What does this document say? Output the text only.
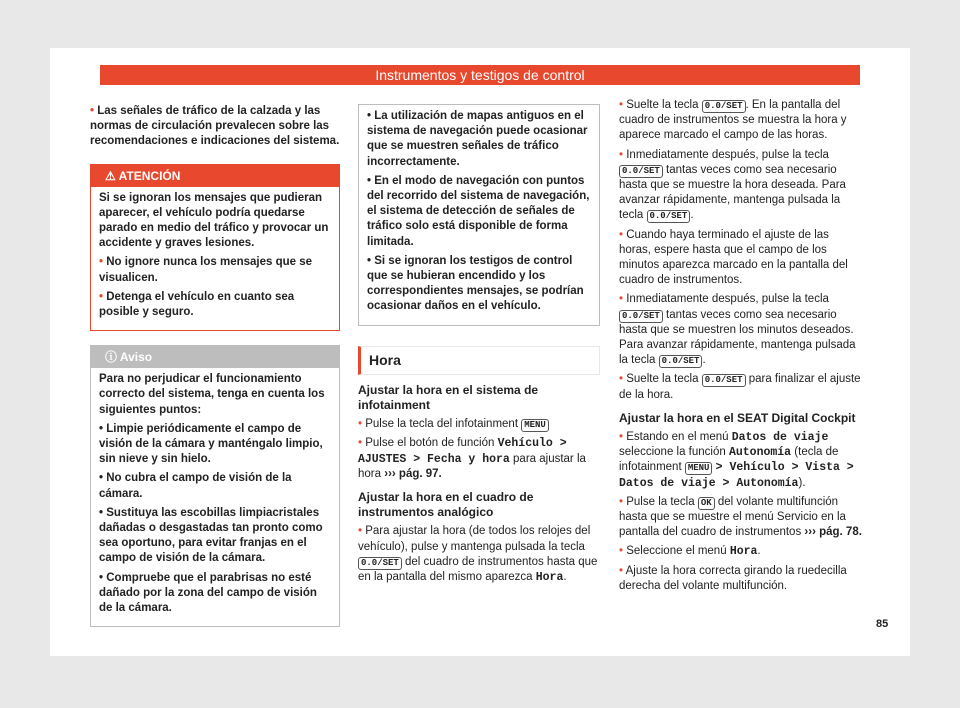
Instrumentos y testigos de control

• Las señales de tráfico de la calzada y las normas de circulación prevalecen sobre las recomendaciones e indicaciones del sistema.

⚠ ATENCIÓN

Si se ignoran los mensajes que pudieran aparecer, el vehículo podría quedarse parado en medio del tráfico y provocar un accidente y graves lesiones.

• No ignore nunca los mensajes que se visualicen.

• Detenga el vehículo en cuanto sea posible y seguro.

ⓘ Aviso

Para no perjudicar el funcionamiento correcto del sistema, tenga en cuenta los siguientes puntos:

• Limpie periódicamente el campo de visión de la cámara y manténgalo limpio, sin nieve y sin hielo.

• No cubra el campo de visión de la cámara.

• Sustituya las escobillas limpiacristales dañadas o desgastadas tan pronto como sea oportuno, para evitar franjas en el campo de visión de la cámara.

• Compruebe que el parabrisas no esté dañado por la zona del campo de visión de la cámara.

• La utilización de mapas antiguos en el sistema de navegación puede ocasionar que se muestren señales de tráfico incorrectamente.

• En el modo de navegación con puntos del recorrido del sistema de navegación, el sistema de detección de señales de tráfico solo está disponible de forma limitada.

• Si se ignoran los testigos de control que se hubieran encendido y los correspondientes mensajes, se podrían ocasionar daños en el vehículo.

Hora
Ajustar la hora en el sistema de infotainment

• Pulse la tecla del infotainment MENU

• Pulse el botón de función Vehículo > AJUSTES > Fecha y hora para ajustar la hora ››› pág. 97.

Ajustar la hora en el cuadro de instrumentos analógico

• Para ajustar la hora (de todos los relojes del vehículo), pulse y mantenga pulsada la tecla 0.0/SET del cuadro de instrumentos hasta que en la pantalla del mismo aparezca Hora.

• Suelte la tecla 0.0/SET . En la pantalla del cuadro de instrumentos se muestra la hora y aparece marcado el campo de las horas.

• Inmediatamente después, pulse la tecla 0.0/SET tantas veces como sea necesario hasta que se muestre la hora deseada. Para avanzar rápidamente, mantenga pulsada la tecla 0.0/SET .

• Cuando haya terminado el ajuste de las horas, espere hasta que el campo de los minutos aparezca marcado en la pantalla del cuadro de instrumentos.

• Inmediatamente después, pulse la tecla 0.0/SET tantas veces como sea necesario hasta que se muestren los minutos deseados. Para avanzar rápidamente, mantenga pulsada la tecla 0.0/SET .

• Suelte la tecla 0.0/SET para finalizar el ajuste de la hora.

Ajustar la hora en el SEAT Digital Cockpit

• Estando en el menú Datos de viaje seleccione la función Autonomía (tecla de infotainment MENU > Vehículo > Vista > Datos de viaje > Autonomía).

• Pulse la tecla OK del volante multifunción hasta que se muestre el menú Servicio en la pantalla del cuadro de instrumentos ››› pág. 78.

• Seleccione el menú Hora.

• Ajuste la hora correcta girando la ruedecilla derecha del volante multifunción.

85
